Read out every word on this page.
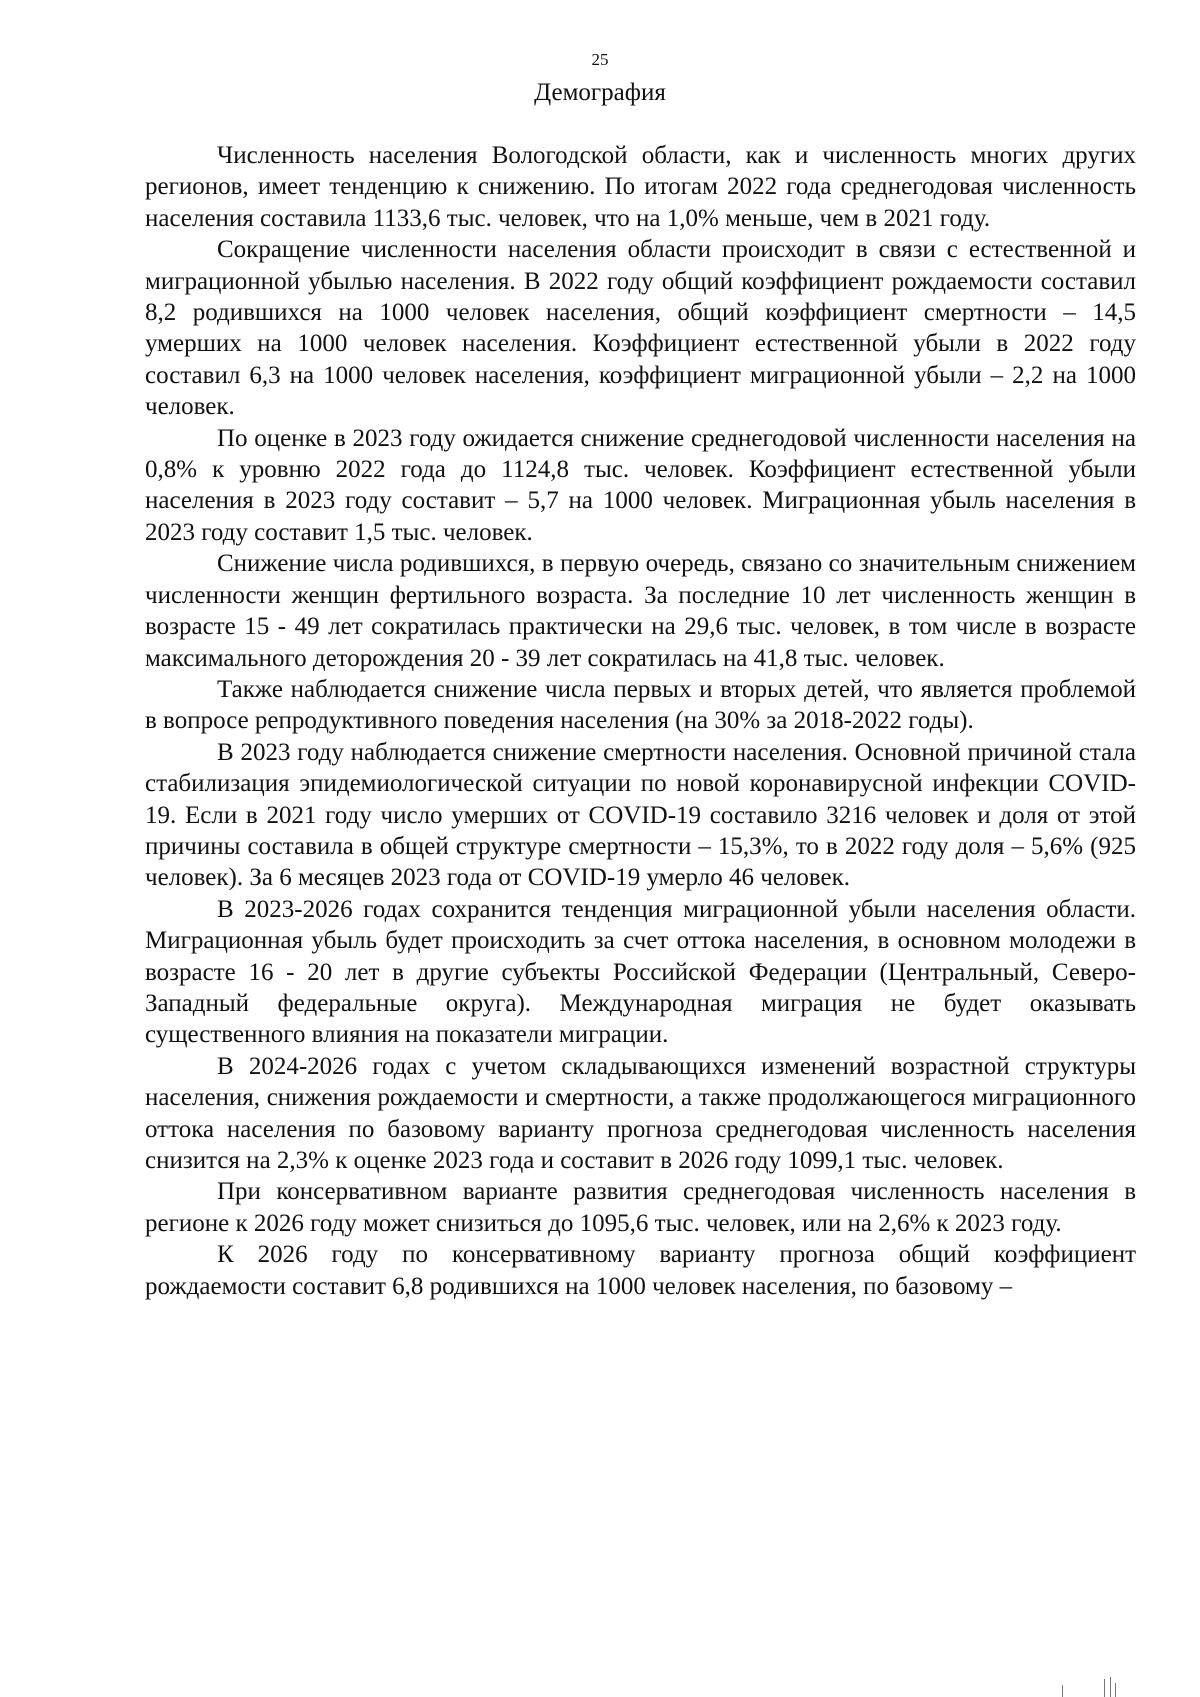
25
Демография

Численность населения Вологодской области, как и численность многих других регионов, имеет тенденцию к снижению. По итогам 2022 года среднегодовая численность населения составила 1133,6 тыс. человек, что на 1,0% меньше, чем в 2021 году.

Сокращение численности населения области происходит в связи с естественной и миграционной убылью населения. В 2022 году общий коэффициент рождаемости составил 8,2 родившихся на 1000 человек населения, общий коэффициент смертности – 14,5 умерших на 1000 человек населения. Коэффициент естественной убыли в 2022 году составил 6,3 на 1000 человек населения, коэффициент миграционной убыли – 2,2 на 1000 человек.

По оценке в 2023 году ожидается снижение среднегодовой численности населения на 0,8% к уровню 2022 года до 1124,8 тыс. человек. Коэффициент естественной убыли населения в 2023 году составит – 5,7 на 1000 человек. Миграционная убыль населения в 2023 году составит 1,5 тыс. человек.

Снижение числа родившихся, в первую очередь, связано со значительным снижением численности женщин фертильного возраста. За последние 10 лет численность женщин в возрасте 15 - 49 лет сократилась практически на 29,6 тыс. человек, в том числе в возрасте максимального деторождения 20 - 39 лет сократилась на 41,8 тыс. человек.

Также наблюдается снижение числа первых и вторых детей, что является проблемой в вопросе репродуктивного поведения населения (на 30% за 2018-2022 годы).

В 2023 году наблюдается снижение смертности населения. Основной причиной стала стабилизация эпидемиологической ситуации по новой коронавирусной инфекции COVID-19. Если в 2021 году число умерших от COVID-19 составило 3216 человек и доля от этой причины составила в общей структуре смертности – 15,3%, то в 2022 году доля – 5,6% (925 человек). За 6 месяцев 2023 года от COVID-19 умерло 46 человек.

В 2023-2026 годах сохранится тенденция миграционной убыли населения области. Миграционная убыль будет происходить за счет оттока населения, в основном молодежи в возрасте 16 - 20 лет в другие субъекты Российской Федерации (Центральный, Северо-Западный федеральные округа). Международная миграция не будет оказывать существенного влияния на показатели миграции.

В 2024-2026 годах с учетом складывающихся изменений возрастной структуры населения, снижения рождаемости и смертности, а также продолжающегося миграционного оттока населения по базовому варианту прогноза среднегодовая численность населения снизится на 2,3% к оценке 2023 года и составит в 2026 году 1099,1 тыс. человек.

При консервативном варианте развития среднегодовая численность населения в регионе к 2026 году может снизиться до 1095,6 тыс. человек, или на 2,6% к 2023 году.

К 2026 году по консервативному варианту прогноза общий коэффициент рождаемости составит 6,8 родившихся на 1000 человек населения, по базовому –
